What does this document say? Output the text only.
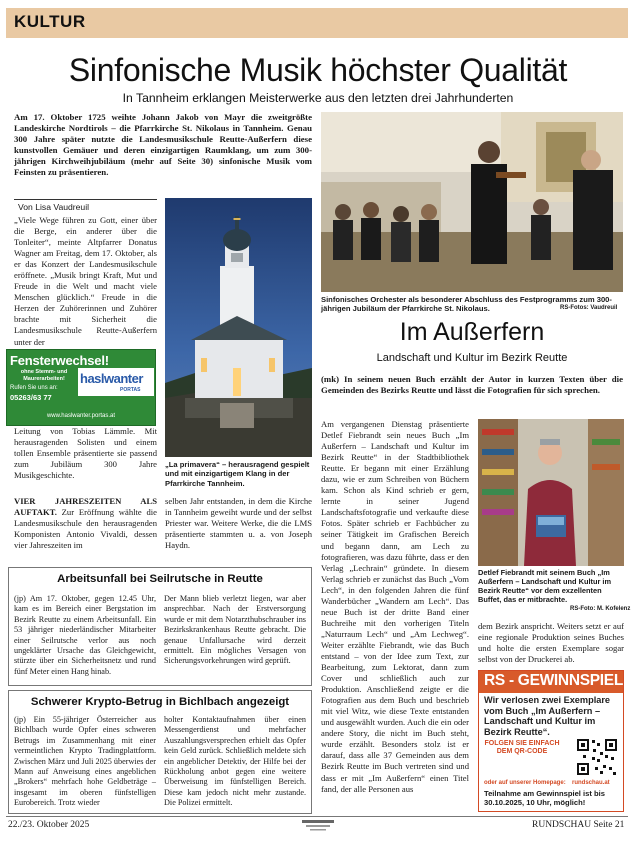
KULTUR
Sinfonische Musik höchster Qualität
In Tannheim erklangen Meisterwerke aus den letzten drei Jahrhunderten
Am 17. Oktober 1725 weihte Johann Jakob von Mayr die zweitgrößte Landeskirche Nordtirols – die Pfarrkirche St. Nikolaus in Tannheim. Genau 300 Jahre später nutzte die Landesmusikschule Reutte-Außerfern diese kunstvollen Gemäuer und deren einzigartigen Raumklang, um zum 300-jährigen Kirchweihjubiläum (mehr auf Seite 30) sinfonische Musik vom Feinsten zu präsentieren.
Von Lisa Vaudreuil
„Viele Wege führen zu Gott, einer über die Berge, ein anderer über die Tonleiter“, meinte Altpfarrer Donatus Wagner am Freitag, dem 17. Oktober, als er das Konzert der Landesmusikschule eröffnete. „Musik bringt Kraft, Mut und Freude in die Welt und macht viele Menschen glücklich.“ Freude in die Herzen der Zuhörerinnen und Zuhörer brachte mit Sicherheit die Landesmusikschule Reutte-Außerfern unter der
Fensterwechsel!
ohne Stemm- und Maurerarbeiten!
Rufen Sie uns an:
05263/63 77
haslwanter
PORTAS
www.haslwanter.portas.at
Leitung von Tobias Lämmle. Mit herausragenden Solisten und einem tollen Ensemble präsentierte sie passend zum Jubiläum 300 Jahre Musikgeschichte.
VIER JAHRESZEITEN ALS AUFTAKT. Zur Eröffnung wählte die Landesmusikschule den herausragenden Komponisten Antonio Vivaldi, dessen vier Jahreszeiten im
selben Jahr entstanden, in dem die Kirche in Tannheim geweiht wurde und der selbst Priester war. Weitere Werke, die die LMS präsentierte stammten u. a. von Joseph Haydn.
„La primavera“ – herausragend gespielt und mit einzigartigem Klang in der Pfarrkirche Tannheim.
Sinfonisches Orchester als besonderer Abschluss des Festprogramms zum 300-jährigen Jubiläum der Pfarrkirche St. Nikolaus.	RS-Fotos: Vaudreuil
Im Außerfern
Landschaft und Kultur im Bezirk Reutte
(mk) In seinem neuen Buch erzählt der Autor in kurzen Texten über die Gemeinden des Bezirks Reutte und lässt die Fotografien für sich sprechen.
Am vergangenen Dienstag präsentierte Detlef Fiebrandt sein neues Buch „Im Außerfern – Landschaft und Kultur im Bezirk Reutte“ in der Stadtbibliothek Reutte. Er begann mit einer Erzählung dazu, wie er zum Schreiben von Büchern kam. Schon als Kind schrieb er gern, lernte in seiner Jugend Landschaftsfotografie und verkaufte diese Fotos. Später schrieb er Fachbücher zu seiner Tätigkeit im Grafischen Bereich und begann dann, am Lech zu fotografieren, was dazu führte, dass er den Verlag „Lechrain“ gründete. In diesem Verlag schrieb er zunächst das Buch „Vom Lech“, in den folgenden Jahren die fünf Wanderbücher „Wandern am Lech“. Das neue Buch ist der dritte Band einer Buchreihe mit den vorherigen Titeln „Naturraum Lech“ und „Am Lechweg“. Weiter erzählte Fiebrandt, wie das Buch entstand – von der Idee zum Text, zur Bearbeitung, zum Lektorat, dann zum Cover und schließlich auch zur Produktion. Anschließend zeigte er die Fotografien aus dem Buch und beschrieb mit viel Witz, wie diese Texte entstanden und ausgewählt wurden. Auch die ein oder andere Story, die nicht im Buch steht, wurde erzählt. Besonders stolz ist er darauf, dass alle 37 Gemeinden aus dem Bezirk Reutte im Buch vertreten sind und dass er mit „Im Außerfern“ einen Titel fand, der alle Personen aus
Detlef Fiebrandt mit seinem Buch „Im Außerfern – Landschaft und Kultur im Bezirk Reutte“ vor dem exzellenten Buffet, das er mitbrachte.
RS-Foto: M. Kofelenz
dem Bezirk anspricht. Weiters setzt er auf eine regionale Produktion seines Buches und holte die ersten Exemplare sogar selbst von der Druckerei ab.
RS - GEWINNSPIEL
Wir verlosen zwei Exemplare vom Buch „Im Außerfern – Landschaft und Kultur im Bezirk Reutte“.
FOLGEN SIE EINFACH DEM QR-CODE
oder auf unserer Homepage:	rundschau.at
Teilnahme am Gewinnspiel ist bis 30.10.2025, 10 Uhr, möglich!
Arbeitsunfall bei Seilrutsche in Reutte
(jp) Am 17. Oktober, gegen 12.45 Uhr, kam es im Bereich einer Bergstation im Bezirk Reutte zu einem Arbeitsunfall. Ein 53 jähriger niederländischer Mitarbeiter einer Seilrutsche verlor aus noch ungeklärter Ursache das Gleichgewicht, stürzte über ein Sicherheitsnetz und rund fünf Meter einen Hang hinab.
Der Mann blieb verletzt liegen, war aber ansprechbar. Nach der Erstversorgung wurde er mit dem Notarzthubschrauber ins Bezirkskrankenhaus Reutte gebracht. Die genaue Unfallursache wird derzeit ermittelt. Ein mögliches Versagen von Sicherungsvorkehrungen wird geprüft.
Schwerer Krypto-Betrug in Bichlbach angezeigt
(jp) Ein 55-jähriger Österreicher aus Bichlbach wurde Opfer eines schweren Betrugs im Zusammenhang mit einer vermeintlichen Krypto Tradingplattform. Zwischen März und Juli 2025 überwies der Mann auf Anweisung eines angeblichen „Brokers“ mehrfach hohe Geldbeträge – insgesamt im oberen fünfstelligen Eurobereich. Trotz wieder
holter Kontaktaufnahmen über einen Messengerdienst und mehrfacher Auszahlungsversprechen erhielt das Opfer kein Geld zurück. Schließlich meldete sich ein angeblicher Detektiv, der Hilfe bei der Rückholung anbot gegen eine weitere Überweisung im fünfstelligen Bereich. Diese kam jedoch nicht mehr zustande. Die Polizei ermittelt.
22./23. Oktober 2025	RUNDSCHAU Seite 21
